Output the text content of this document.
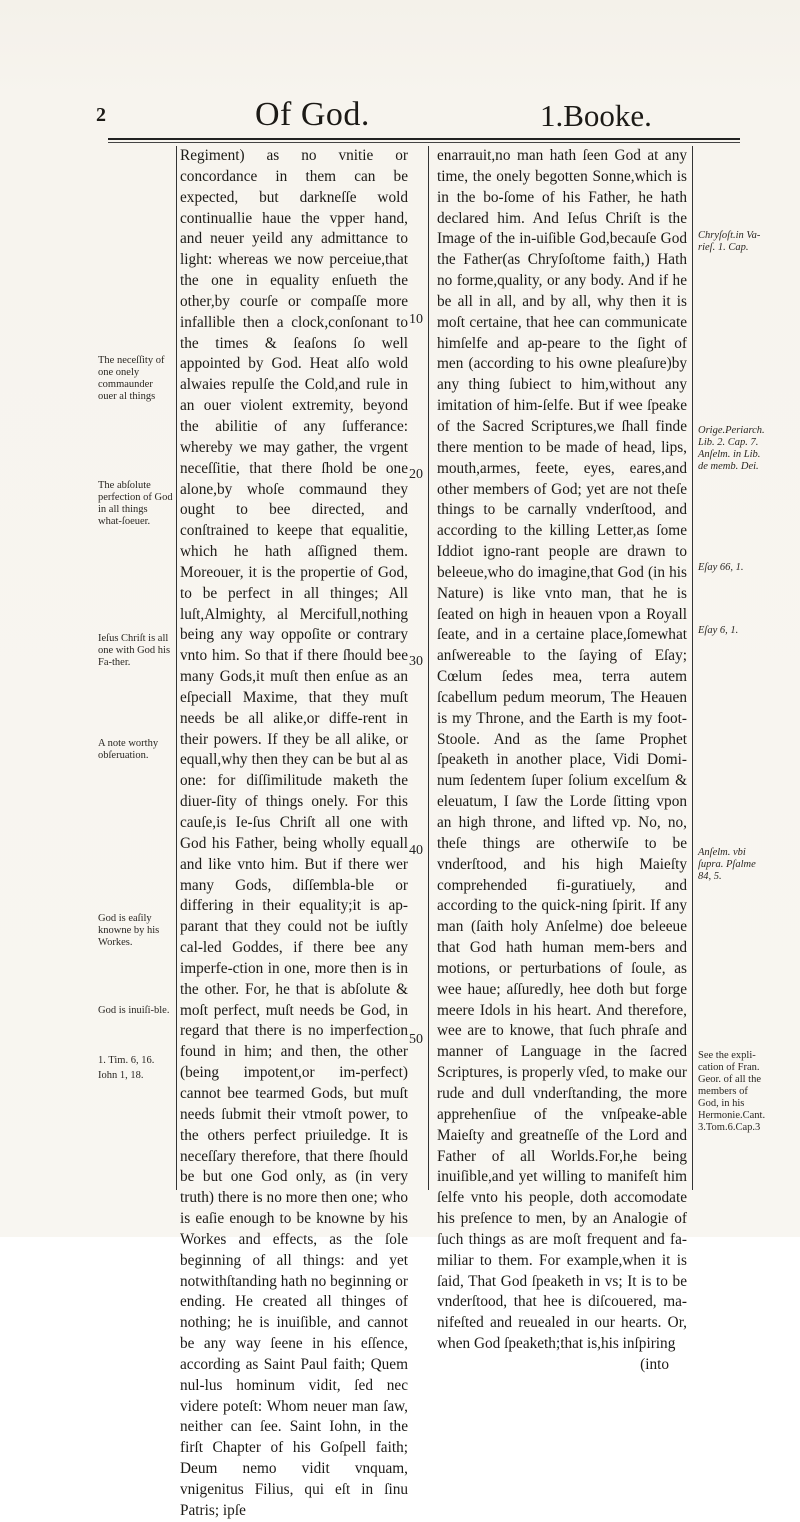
2	Of God.	1.Booke.

Regiment) as no vnitie or concordance in them can be expected, but darkneſſe wold continuallie haue the vpper hand, and neuer yeild any admittance to light: whereas we now perceiue,that the one in equality enſueth the other,by courſe or compaſſe more infallible then a clock,conſonant to the times & ſeaſons ſo well appointed by God. Heat alſo wold alwaies repulſe the Cold,and rule in an ouer violent extremity, beyond the abilitie of any ſufferance: whereby we may gather, the vrgent neceſſitie, that there ſhold be one alone,by whoſe commaund they ought to bee directed, and conſtrained to keepe that equalitie, which he hath aſſigned them. Moreouer, it is the propertie of God, to be perfect in all thinges; All luſt,Almighty, al Mercifull,nothing being any way oppoſite or contrary vnto him. So that if there ſhould bee many Gods,it muſt then enſue as an eſpeciall Maxime, that they muſt needs be all alike,or diffe-rent in their powers. If they be all alike, or equall,why then they can be but al as one: for diſſimilitude maketh the diuer-ſity of things onely. For this cauſe,is Ie-ſus Chriſt all one with God his Father, being wholly equall and like vnto him. But if there wer many Gods, diſſembla-ble or differing in their equality;it is ap-parant that they could not be iuſtly cal-led Goddes, if there bee any imperfe-ction in one, more then is in the other. For, he that is abſolute & moſt perfect, muſt needs be God, in regard that there is no imperfection found in him; and then, the other (being impotent,or im-perfect) cannot bee tearmed Gods, but muſt needs ſubmit their vtmoſt power, to the others perfect priuiledge. It is neceſſary therefore, that there ſhould be but one God only, as (in very truth) there is no more then one; who is eaſie enough to be knowne by his Workes and effects, as the ſole beginning of all things: and yet notwithſtanding hath no beginning or ending. He created all thinges of nothing; he is inuiſible, and cannot be any way ſeene in his eſſence, according as Saint Paul faith; Quem nul-lus hominum vidit, ſed nec videre poteſt: Whom neuer man ſaw, neither can ſee. Saint Iohn, in the firſt Chapter of his Goſpell faith; Deum nemo vidit vnquam, vnigenitus Filius, qui eſt in ſinu Patris; ipſe

enarrauit,no man hath ſeen God at any time, the onely begotten Sonne,which is in the bo-ſome of his Father, he hath declared him. And Ieſus Chriſt is the Image of the in-uiſible God,becauſe God the Father(as Chryſoſtome faith,) Hath no forme,quality, or any body. And if he be all in all, and by all, why then it is moſt certaine, that hee can communicate himſelfe and ap-peare to the ſight of men (according to his owne pleaſure)by any thing ſubiect to him,without any imitation of him-ſelfe. But if wee ſpeake of the Sacred Scriptures,we ſhall finde there mention to be made of head, lips, mouth,armes, feete, eyes, eares,and other members of God; yet are not theſe things to be carnally vnderſtood, and according to the killing Letter,as ſome Iddiot igno-rant people are drawn to beleeue,who do imagine,that God (in his Nature) is like vnto man, that he is ſeated on high in heauen vpon a Royall ſeate, and in a certaine place,ſomewhat anſwereable to the ſaying of Eſay; Cœlum ſedes mea, terra autem ſcabellum pedum meorum, The Heauen is my Throne, and the Earth is my foot-Stoole. And as the ſame Prophet ſpeaketh in another place, Vidi Domi-num ſedentem ſuper ſolium excelſum & eleuatum, I ſaw the Lorde ſitting vpon an high throne, and lifted vp. No, no, theſe things are otherwiſe to be vnderſtood, and his high Maieſty comprehended fi-guratiuely, and according to the quick-ning ſpirit. If any man (ſaith holy Anſelme) doe beleeue that God hath human mem-bers and motions, or perturbations of ſoule, as wee haue; aſſuredly, hee doth but forge meere Idols in his heart. And therefore, wee are to knowe, that ſuch phraſe and manner of Language in the ſacred Scriptures, is properly vſed, to make our rude and dull vnderſtanding, the more apprehenſiue of the vnſpeake-able Maieſty and greatneſſe of the Lord and Father of all Worlds.For,he being inuiſible,and yet willing to manifeſt him ſelfe vnto his people, doth accomodate his preſence to men, by an Analogie of ſuch things as are moſt frequent and fa-miliar to them. For example,when it is ſaid, That God ſpeaketh in vs; It is to be vnderſtood, that hee is diſcouered, ma-nifeſted and reuealed in our hearts. Or, when God ſpeaketh;that is,his inſpiring

(into

10
20
30
40
50
The neceſſity of one onely commaunder ouer al things
The abſolute perfection of God in all things what-ſoeuer.
Ieſus Chriſt is all one with God his Fa-ther.
A note worthy obſeruation.
God is eaſily knowne by his Workes.
God is inuiſi-ble.
1. Tim. 6, 16.
Iohn 1, 18.
Chryſoſt.in Va-rieſ. 1. Cap.
Orige.Periarch. Lib. 2. Cap. 7. Anſelm. in Lib. de memb. Dei.
Eſay 66, 1.
Eſay 6, 1.
Anſelm. vbi ſupra. Pſalme 84, 5.
See the expli-cation of Fran. Geor. of all the members of God, in his Hermonie.Cant. 3.Tom.6.Cap.3
